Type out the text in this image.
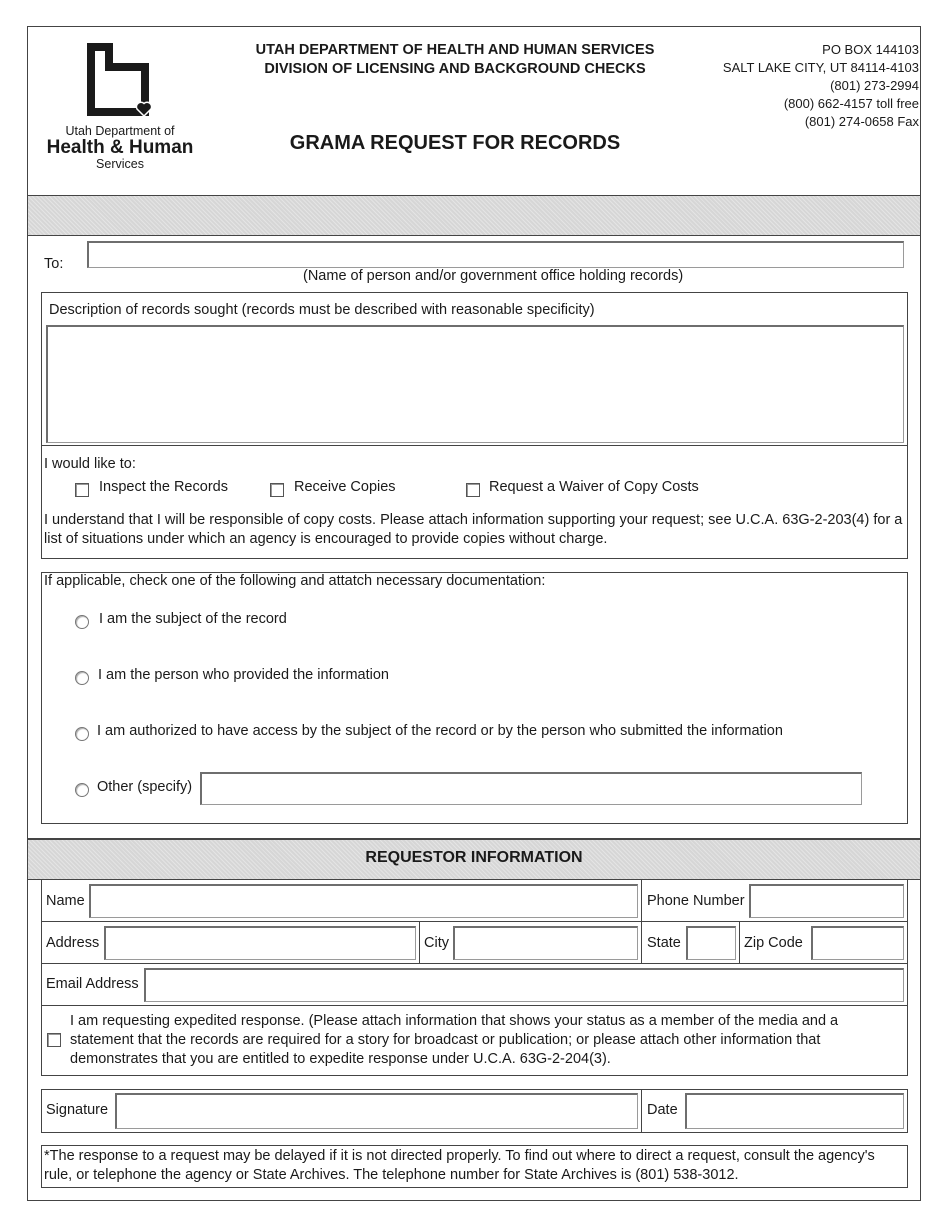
Utah Department of
Health & Human
Services
UTAH DEPARTMENT OF HEALTH AND HUMAN SERVICES
DIVISION OF LICENSING AND BACKGROUND CHECKS
PO BOX 144103
SALT LAKE CITY, UT 84114-4103
(801) 273-2994
(800) 662-4157 toll free
(801) 274-0658 Fax
GRAMA REQUEST FOR RECORDS
To:
(Name of person and/or government office holding records)
Description of records sought (records must be described with reasonable specificity)
I would like to:
Inspect the Records	Receive Copies	Request a Waiver of Copy Costs
I understand that I will be responsible of copy costs. Please attach information supporting your request; see U.C.A. 63G-2-203(4) for a list of situations under which an agency is encouraged to provide copies without charge.
If applicable, check one of the following and attatch necessary documentation:
I am the subject of the record
I am the person who provided the information
I am authorized to have access by the subject of the record or by the person who submitted the information
Other (specify)
REQUESTOR INFORMATION
Name	Phone Number
Address	City	State	Zip Code
Email Address
I am requesting expedited response. (Please attach information that shows your status as a member of the media and a statement that the records are required for a story for broadcast or publication; or please attach other information that demonstrates that you are entitled to expedite response under U.C.A. 63G-2-204(3).
Signature	Date
*The response to a request may be delayed if it is not directed properly. To find out where to direct a request, consult the agency's rule, or telephone the agency or State Archives. The telephone number for State Archives is (801) 538-3012.
